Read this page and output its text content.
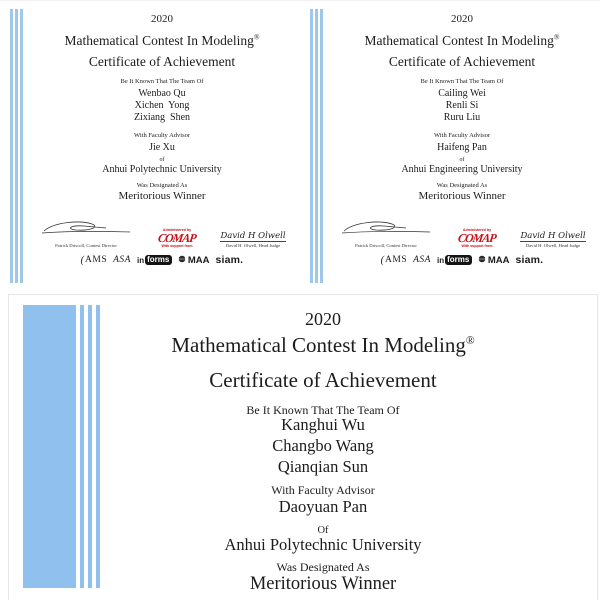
2020
Mathematical Contest In Modeling®
Certificate of Achievement
Be It Known That The Team Of
Wenbao Qu
Xichen  Yong
Zixiang  Shen
With Faculty Advisor
Jie Xu
of
Anhui Polytechnic University
Was Designated As
Meritorious Winner
Patrick Driscoll, Contest Director
Administered by
COMAP
With support from
David H Olwell
David H. Olwell, Head Judge
( AMS ASA in forms MAA siam.
2020
Mathematical Contest In Modeling®
Certificate of Achievement
Be It Known That The Team Of
Cailing Wei
Renli Si
Ruru Liu
With Faculty Advisor
Haifeng Pan
of
Anhui Engineering University
Was Designated As
Meritorious Winner
Patrick Driscoll, Contest Director
Administered by
COMAP
With support from
David H Olwell
David H. Olwell, Head Judge
( AMS ASA in forms MAA siam.
2020
Mathematical Contest In Modeling®
Certificate of Achievement
Be It Known That The Team Of
Kanghui Wu
Changbo Wang
Qianqian Sun
With Faculty Advisor
Daoyuan Pan
Of
Anhui Polytechnic University
Was Designated As
Meritorious Winner
